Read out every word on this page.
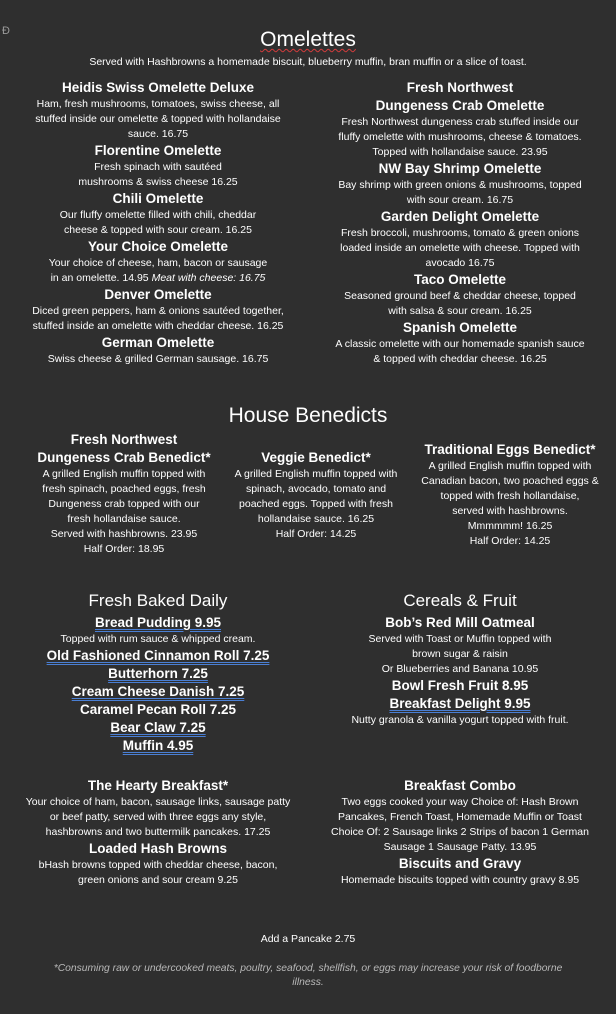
Ð	Omelettes
Served with Hashbrowns a homemade biscuit, blueberry muffin, bran muffin or a slice of toast.
Heidis Swiss Omelette Deluxe
Ham, fresh mushrooms, tomatoes, swiss cheese, all
stuffed inside our omelette & topped with hollandaise
sauce. 16.75
Florentine Omelette
Fresh spinach with sautéed
mushrooms & swiss cheese 16.25
Chili Omelette
Our fluffy omelette filled with chili, cheddar
cheese & topped with sour cream. 16.25
Your Choice Omelette
Your choice of cheese, ham, bacon or sausage
in an omelette. 14.95 Meat with cheese: 16.75
Denver Omelette
Diced green peppers, ham & onions sautéed together,
stuffed inside an omelette with cheddar cheese. 16.25
German Omelette
Swiss cheese & grilled German sausage. 16.75
Fresh Northwest
Dungeness Crab Omelette
Fresh Northwest dungeness crab stuffed inside our
fluffy omelette with mushrooms, cheese & tomatoes.
Topped with hollandaise sauce. 23.95
NW Bay Shrimp Omelette
Bay shrimp with green onions & mushrooms, topped
with sour cream. 16.75
Garden Delight Omelette
Fresh broccoli, mushrooms, tomato & green onions
loaded inside an omelette with cheese. Topped with
avocado 16.75
Taco Omelette
Seasoned ground beef & cheddar cheese, topped
with salsa & sour cream. 16.25
Spanish Omelette
A classic omelette with our homemade spanish sauce
& topped with cheddar cheese. 16.25
House Benedicts
Fresh Northwest
Dungeness Crab Benedict*
A grilled English muffin topped with
fresh spinach, poached eggs, fresh
Dungeness crab topped with our
fresh hollandaise sauce.
Served with hashbrowns. 23.95
Half Order: 18.95
Veggie Benedict*
A grilled English muffin topped with
spinach, avocado, tomato and
poached eggs. Topped with fresh
hollandaise sauce. 16.25
Half Order: 14.25
Traditional Eggs Benedict*
A grilled English muffin topped with
Canadian bacon, two poached eggs &
topped with fresh hollandaise,
served with hashbrowns.
Mmmmmm! 16.25
Half Order: 14.25
Fresh Baked Daily
Bread Pudding 9.95
Topped with rum sauce & whipped cream.
Old Fashioned Cinnamon Roll 7.25
Butterhorn 7.25
Cream Cheese Danish 7.25
Caramel Pecan Roll 7.25
Bear Claw 7.25
Muffin 4.95
Cereals & Fruit
Bob’s Red Mill Oatmeal
Served with Toast or Muffin topped with
brown sugar & raisin
Or Blueberries and Banana 10.95
Bowl Fresh Fruit 8.95
Breakfast Delight 9.95
Nutty granola & vanilla yogurt topped with fruit.
The Hearty Breakfast*
Your choice of ham, bacon, sausage links, sausage patty
or beef patty, served with three eggs any style,
hashbrowns and two buttermilk pancakes. 17.25
Loaded Hash Browns
bHash browns topped with cheddar cheese, bacon,
green onions and sour cream 9.25
Breakfast Combo
Two eggs cooked your way Choice of: Hash Brown
Pancakes, French Toast, Homemade Muffin or Toast
Choice Of: 2 Sausage links 2 Strips of bacon 1 German
Sausage 1 Sausage Patty. 13.95
Biscuits and Gravy
Homemade biscuits topped with country gravy 8.95
Add a Pancake 2.75
*Consuming raw or undercooked meats, poultry, seafood, shellfish, or eggs may increase your risk of foodborne
illness.
